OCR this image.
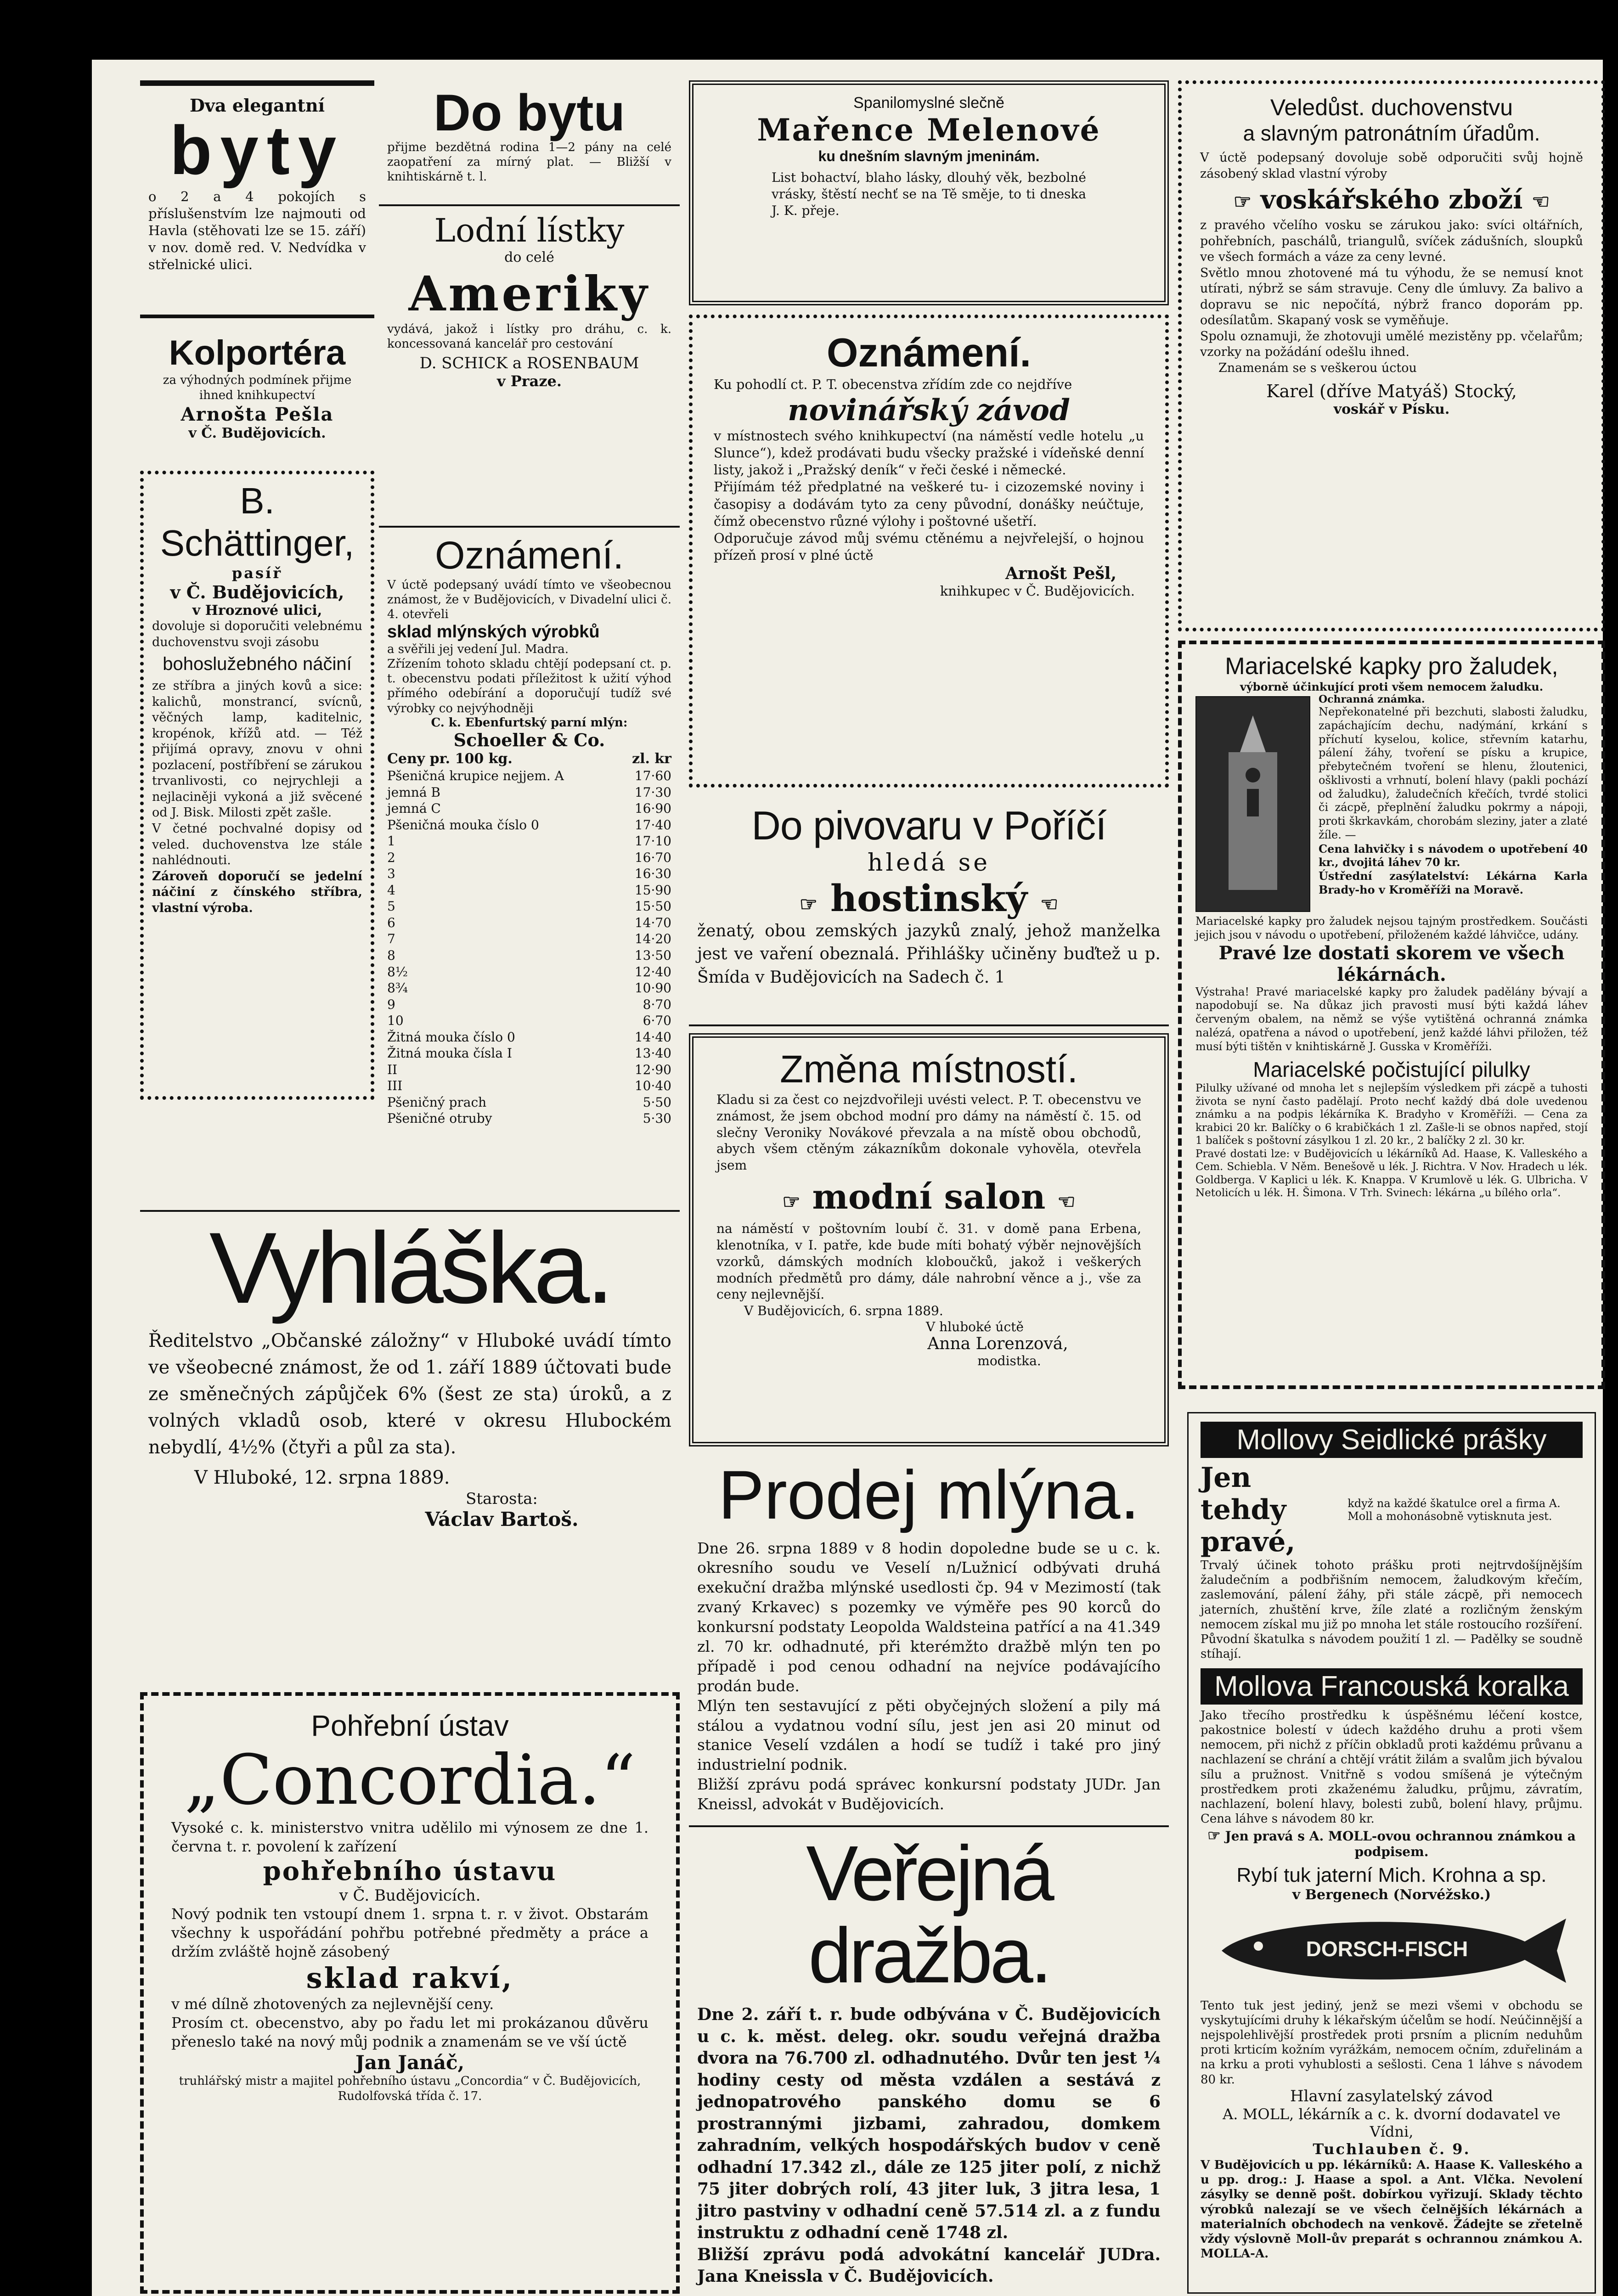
Dva elegantní
byty

o 2 a 4 pokojích s příslušenstvím lze najmouti od Havla (stěhovati lze se 15. září) v nov. domě red. V. Nedvídka v střelnické ulici.

Kolportéra

za výhodných podmínek přijme ihned knihkupectví

Arnošta Pešla
v Č. Budějovicích.
B. Schättinger,
pasíř
v Č. Budějovicích,
v Hroznové ulici,

dovoluje si doporučiti velebnému duchovenstvu svoji zásobu

bohoslužebného náčiní

ze stříbra a jiných kovů a sice: kalichů, monstrancí, svícnů, věčných lamp, kaditelnic, kropénok, křížů atd. — Též přijímá opravy, znovu v ohni pozlacení, postříbření se zárukou trvanlivosti, co nejrychleji a nejlaciněji vykoná a již svěcené od J. Bisk. Milosti zpět zašle.

V četné pochvalné dopisy od veled. duchovenstva lze stále nahlédnouti.

Zároveň doporučí se jedelní náčiní z čínského stříbra, vlastní výroba.

Do bytu

přijme bezdětná rodina 1—2 pány na celé zaopatření za mírný plat. — Bližší v knihtiskárně t. l.

Lodní lístky
do celé
Ameriky

vydává, jakož i lístky pro dráhu, c. k. koncessovaná kancelář pro cestování

D. SCHICK a ROSENBAUM
v Praze.
Oznámení.

V úctě podepsaný uvádí tímto ve všeobecnou známost, že v Budějovicích, v Divadelní ulici č. 4. otevřeli

sklad mlýnských výrobků

a svěřili jej vedení Jul. Madra.

Zřízením tohoto skladu chtějí podepsaní ct. p. t. obecenstvu podati příležitost k užití výhod přímého odebírání a doporučují tudíž své výrobky co nejvýhodněji

C. k. Ebenfurtský parní mlýn:
Schoeller & Co.
Ceny pr. 100 kg.	zl. kr
Pšeničná krupice nejjem. A	17·60
jemná B	17·30
jemná C	16·90
Pšeničná mouka číslo 0	17·40
1	17·10
2	16·70
3	16·30
4	15·90
5	15·50
6	14·70
7	14·20
8	13·50
8½	12·40
8¾	10·90
9	8·70
10	6·70
Žitná mouka číslo 0	14·40
Žitná mouka čísla I	13·40
II	12·90
III	10·40
Pšeničný prach	5·50
Pšeničné otruby	5·30
Vyhláška.

Ředitelstvo „Občanské záložny“ v Hluboké uvádí tímto ve všeobecné známost, že od 1. září 1889 účtovati bude ze směnečných zápůjček 6% (šest ze sta) úroků, a z volných vkladů osob, které v okresu Hlubockém nebydlí, 4½% (čtyři a půl za sta).

V Hluboké, 12. srpna 1889.

Starosta:
Václav Bartoš.
Pohřební ústav
„Concordia.“

Vysoké c. k. ministerstvo vnitra udělilo mi výnosem ze dne 1. června t. r. povolení k zařízení

pohřebního ústavu
v Č. Budějovicích.

Nový podnik ten vstoupí dnem 1. srpna t. r. v život. Obstarám všechny k uspořádání pohřbu potřebné předměty a práce a držím zvláště hojně zásobený

sklad rakví,

v mé dílně zhotovených za nejlevnější ceny.

Prosím ct. obecenstvo, aby po řadu let mi prokázanou důvěru přeneslo také na nový můj podnik a znamenám se ve vší úctě

Jan Janáč,

truhlářský mistr a majitel pohřebního ústavu „Concordia“ v Č. Budějovicích, Rudolfovská třída č. 17.

Spanilomyslné slečně
Mařence Melenové
ku dnešním slavným jmeninám.

List bohactví, blaho lásky, dlouhý věk, bezbolné vrásky, štěstí nechť se na Tě směje, to ti dneska J. K. přeje.

Oznámení.

Ku pohodlí ct. P. T. obecenstva zřídím zde co nejdříve

novinářský závod

v místnostech svého knihkupectví (na náměstí vedle hotelu „u Slunce“), kdež prodávati budu všecky pražské i vídeňské denní listy, jakož i „Pražský deník“ v řeči české i německé.

Přijímám též předplatné na veškeré tu- i cizozemské noviny i časopisy a dodávám tyto za ceny původní, donášky neúčtuje, čímž obecenstvo různé výlohy i poštovné ušetří.

Odporučuje závod můj svému ctěnému a nejvřelejší, o hojnou přízeň prosí v plné úctě

Arnošt Pešl,
knihkupec v Č. Budějovicích.
Do pivovaru v Poříčí
hledá se
☞ hostinský ☜

ženatý, obou zemských jazyků znalý, jehož manželka jest ve vaření obeznalá. Přihlášky učiněny buďtež u p. Šmída v Budějovicích na Sadech č. 1

Změna místností.

Kladu si za čest co nejzdvořileji uvésti velect. P. T. obecenstvu ve známost, že jsem obchod modní pro dámy na náměstí č. 15. od slečny Veroniky Novákové převzala a na místě obou obchodů, abych všem ctěným zákazníkům dokonale vyhověla, otevřela jsem

☞ modní salon ☜

na náměstí v poštovním loubí č. 31. v domě pana Erbena, klenotníka, v I. patře, kde bude míti bohatý výběr nejnovějších vzorků, dámských modních kloboučků, jakož i veškerých modních předmětů pro dámy, dále nahrobní věnce a j., vše za ceny nejlevnější.

V Budějovicích, 6. srpna 1889.

V hluboké úctě
Anna Lorenzová,
modistka.
Prodej mlýna.

Dne 26. srpna 1889 v 8 hodin dopoledne bude se u c. k. okresního soudu ve Veselí n/Lužnicí odbývati druhá exekuční dražba mlýnské usedlosti čp. 94 v Mezimostí (tak zvaný Krkavec) s pozemky ve výměře pes 90 korců do konkursní podstaty Leopolda Waldsteina patřící a na 41.349 zl. 70 kr. odhadnuté, při kterémžto dražbě mlýn ten po případě i pod cenou odhadní na nejvíce podávajícího prodán bude.

Mlýn ten sestavující z pěti obyčejných složení a pily má stálou a vydatnou vodní sílu, jest jen asi 20 minut od stanice Veselí vzdálen a hodí se tudíž i také pro jiný industrielní podnik.

Bližší zprávu podá správec konkursní podstaty JUDr. Jan Kneissl, advokát v Budějovicích.

Veřejná dražba.

Dne 2. září t. r. bude odbývána v Č. Budějovicích u c. k. měst. deleg. okr. soudu veřejná dražba dvora na 76.700 zl. odhadnutého. Dvůr ten jest ¼ hodiny cesty od města vzdálen a sestává z jednopatrového panského domu se 6 prostrannými jizbami, zahradou, domkem zahradním, velkých hospodářských budov v ceně odhadní 17.342 zl., dále ze 125 jiter polí, z nichž 75 jiter dobrých rolí, 43 jiter luk, 3 jitra lesa, 1 jitro pastviny v odhadní ceně 57.514 zl. a z fundu instruktu z odhadní ceně 1748 zl.

Bližší zprávu podá advokátní kancelář JUDra. Jana Kneissla v Č. Budějovicích.

Veledůst. duchovenstvu
a slavným patronátním úřadům.

V úctě podepsaný dovoluje sobě odporučiti svůj hojně zásobený sklad vlastní výroby

☞ voskářského zboží ☜

z pravého včelího vosku se zárukou jako: svíci oltářních, pohřebních, paschálů, triangulů, svíček zádušních, sloupků ve všech formách a váze za ceny levné.

Světlo mnou zhotovené má tu výhodu, že se nemusí knot utírati, nýbrž se sám stravuje. Ceny dle úmluvy. Za balivo a dopravu se nic nepočítá, nýbrž franco doporám pp. odesílatům. Skapaný vosk se vyměňuje.

Spolu oznamuji, že zhotovuji umělé mezistěny pp. včelařům; vzorky na požádání odešlu ihned.

Znamenám se s veškerou úctou

Karel (dříve Matyáš) Stocký,
voskář v Písku.
Mariacelské kapky pro žaludek,
výborně účinkující proti všem nemocem žaludku.
Ochranná známka.

Nepřekonatelné při bezchuti, slabosti žaludku, zapáchajícím dechu, nadýmání, krkání s příchutí kyselou, kolice, střevním katarhu, pálení žáhy, tvoření se písku a krupice, přebytečném tvoření se hlenu, žloutenici, ošklivosti a vrhnutí, bolení hlavy (pakli pochází od žaludku), žaludečních křečích, tvrdé stolici či zácpě, přeplnění žaludku pokrmy a nápoji, proti škrkavkám, chorobám sleziny, jater a zlaté žíle. —

Cena lahvičky i s návodem o upotřebení 40 kr., dvojitá láhev 70 kr.

Ústřední zasýlatelství: Lékárna Karla Brady-ho v Kroměříži na Moravě.

Mariacelské kapky pro žaludek nejsou tajným prostředkem. Součásti jejich jsou v návodu o upotřebení, přiloženém každé láhvičce, udány.

Pravé lze dostati skorem ve všech lékárnách.

Výstraha! Pravé mariacelské kapky pro žaludek padělány bývají a napodobují se. Na důkaz jich pravosti musí býti každá láhev červeným obalem, na němž se výše vytištěná ochranná známka nalézá, opatřena a návod o upotřebení, jenž každé láhvi přiložen, též musí býti tištěn v knihtiskárně J. Gusska v Kroměříži.

Mariacelské počistující pilulky

Pilulky užívané od mnoha let s nejlepším výsledkem při zácpě a tuhosti života se nyní často padělají. Proto nechť každý dbá dole uvedenou známku a na podpis lékárníka K. Bradyho v Kroměříži. — Cena za krabici 20 kr. Balíčky o 6 krabičkách 1 zl. Zašle-li se obnos napřed, stojí 1 balíček s poštovní zásylkou 1 zl. 20 kr., 2 balíčky 2 zl. 30 kr.

Pravé dostati lze: v Budějovicích u lékárníků Ad. Haase, K. Valleského a Cem. Schiebla. V Něm. Benešově u lék. J. Richtra. V Nov. Hradech u lék. Goldberga. V Kaplici u lék. K. Knappa. V Krumlově u lék. G. Ulbricha. V Netolicích u lék. H. Šimona. V Trh. Svinech: lékárna „u bílého orla“.

Mollovy Seidlické prášky
Jen tehdy pravé,
když na každé škatulce orel a firma A. Moll a mohonásobně vytisknuta jest.

Trvalý účinek tohoto prášku proti nejtrvdošíjnějším žaludečním a podbřišním nemocem, žaludkovým křečím, zaslemování, pálení žáhy, při stále zácpě, při nemocech jaterních, zhuštění krve, žíle zlaté a rozličným ženským nemocem získal mu již po mnoha let stále rostoucího rozšíření. Původní škatulka s návodem použití 1 zl. — Padělky se soudně stíhají.

Mollova Francouská koralka

Jako třecího prostředku k úspěšnému léčení kostce, pakostnice bolestí v údech každého druhu a proti všem nemocem, při nichž z příčin obkladů proti každému průvanu a nachlazení se chrání a chtějí vrátit žilám a svalům jich bývalou sílu a pružnost. Vnitřně s vodou smíšená je výtečným prostředkem proti zkaženému žaludku, průjmu, závratím, nachlazení, bolení hlavy, bolesti zubů, bolení hlavy, průjmu. Cena láhve s návodem 80 kr.

☞ Jen pravá s A. MOLL-ovou ochrannou známkou a podpisem.
Rybí tuk jaterní Mich. Krohna a sp.
v Bergenech (Norvéžsko.)
DORSCH-FISCH

Tento tuk jest jediný, jenž se mezi všemi v obchodu se vyskytujícími druhy k lékařským účelům se hodí. Neúčinnější a nejspolehlivější prostředek proti prsním a plicním neduhům proti krticím kožním vyrážkám, nemocem očním, zduřelinám a na krku a proti vyhublosti a sešlosti. Cena 1 láhve s návodem 80 kr.

Hlavní zasylatelský závod
A. MOLL, lékárník a c. k. dvorní dodavatel ve Vídni,
Tuchlauben č. 9.

V Budějovicích u pp. lékárníků: A. Haase K. Valleského a u pp. drog.: J. Haase a spol. a Ant. Vlčka. Nevolení zásylky se denně pošt. dobírkou vyřizují. Sklady těchto výrobků nalezají se ve všech čelnějších lékárnách a materialních obchodech na venkově. Žádejte se zřetelně vždy výslovně Moll-ův preparát s ochrannou známkou A. MOLLA-A.
